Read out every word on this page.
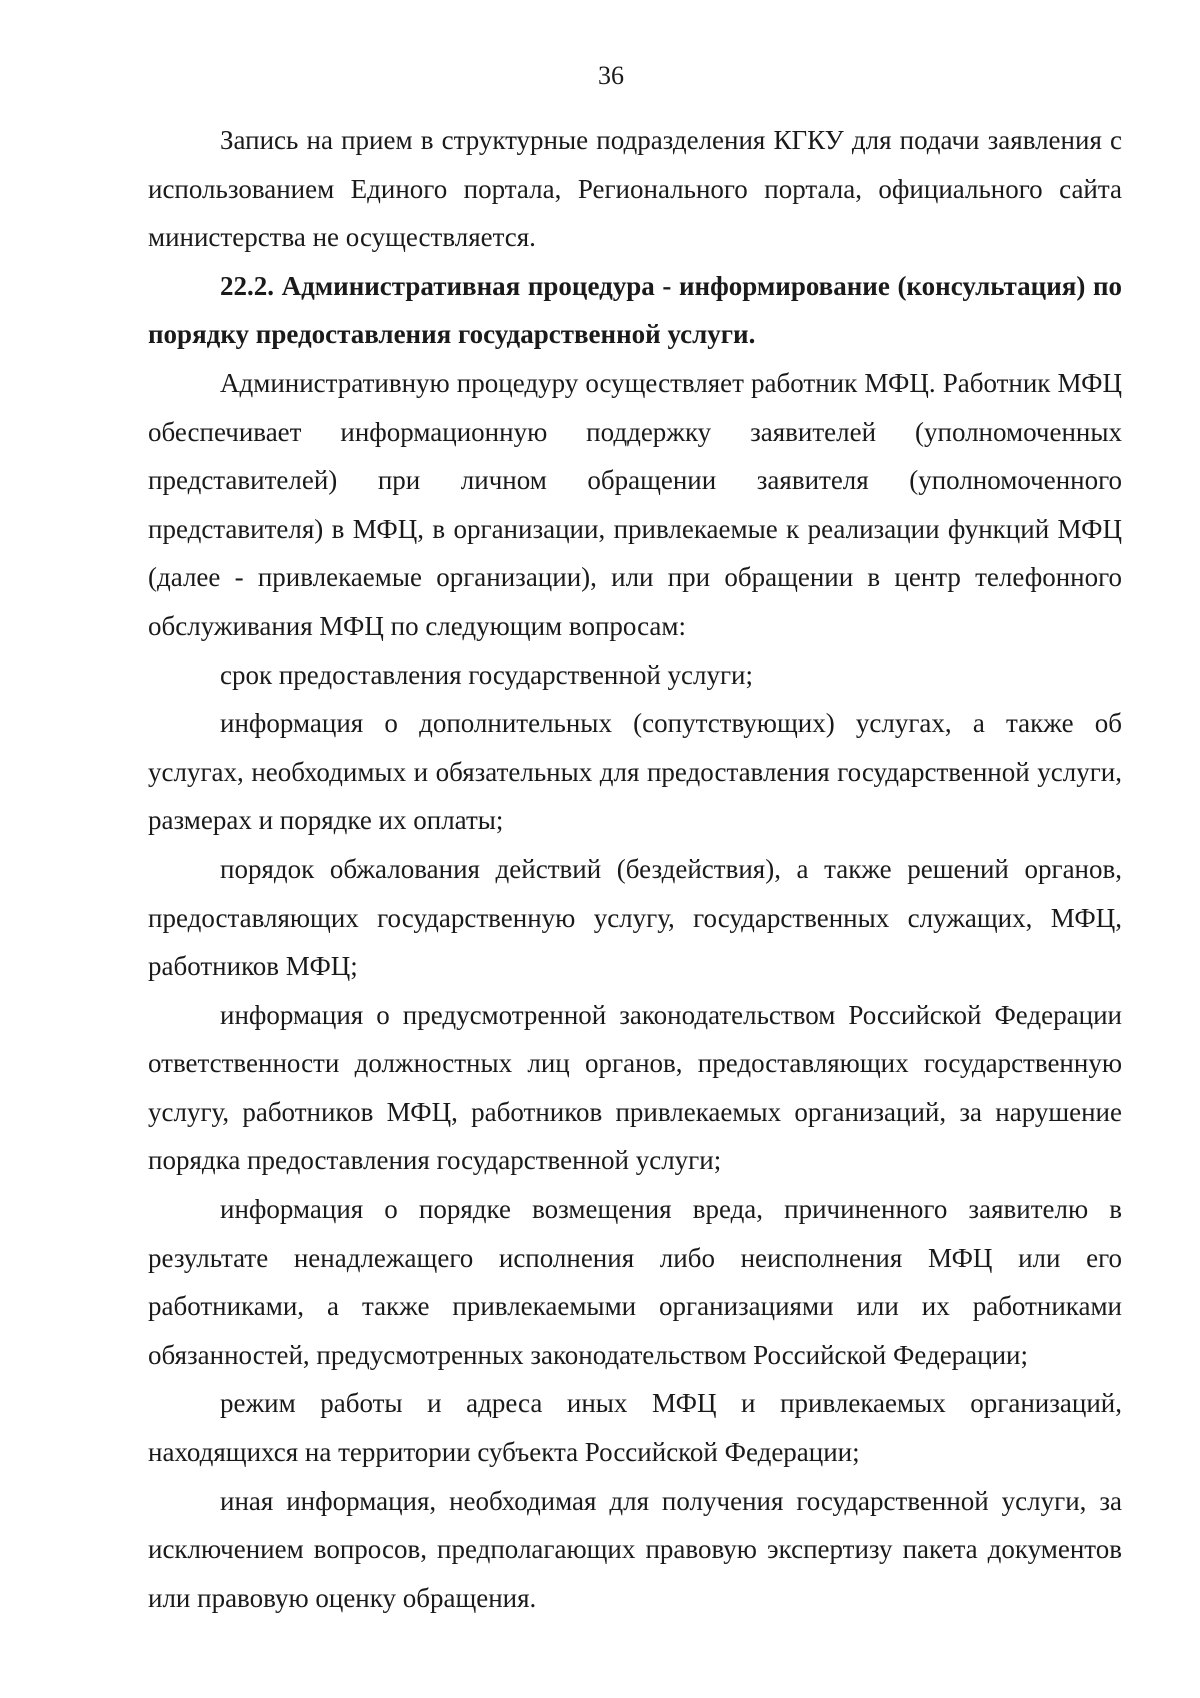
36

Запись на прием в структурные подразделения КГКУ для подачи заявления с использованием Единого портала, Регионального портала, официального сайта министерства не осуществляется.

22.2. Административная процедура - информирование (консультация) по порядку предоставления государственной услуги.

Административную процедуру осуществляет работник МФЦ. Работник МФЦ обеспечивает информационную поддержку заявителей (уполномоченных представителей) при личном обращении заявителя (уполномоченного представителя) в МФЦ, в организации, привлекаемые к реализации функций МФЦ (далее - привлекаемые организации), или при обращении в центр телефонного обслуживания МФЦ по следующим вопросам:

срок предоставления государственной услуги;

информация о дополнительных (сопутствующих) услугах, а также об услугах, необходимых и обязательных для предоставления государственной услуги, размерах и порядке их оплаты;

порядок обжалования действий (бездействия), а также решений органов, предоставляющих государственную услугу, государственных служащих, МФЦ, работников МФЦ;

информация о предусмотренной законодательством Российской Федерации ответственности должностных лиц органов, предоставляющих государственную услугу, работников МФЦ, работников привлекаемых организаций, за нарушение порядка предоставления государственной услуги;

информация о порядке возмещения вреда, причиненного заявителю в результате ненадлежащего исполнения либо неисполнения МФЦ или его работниками, а также привлекаемыми организациями или их работниками обязанностей, предусмотренных законодательством Российской Федерации;

режим работы и адреса иных МФЦ и привлекаемых организаций, находящихся на территории субъекта Российской Федерации;

иная информация, необходимая для получения государственной услуги, за исключением вопросов, предполагающих правовую экспертизу пакета документов или правовую оценку обращения.
